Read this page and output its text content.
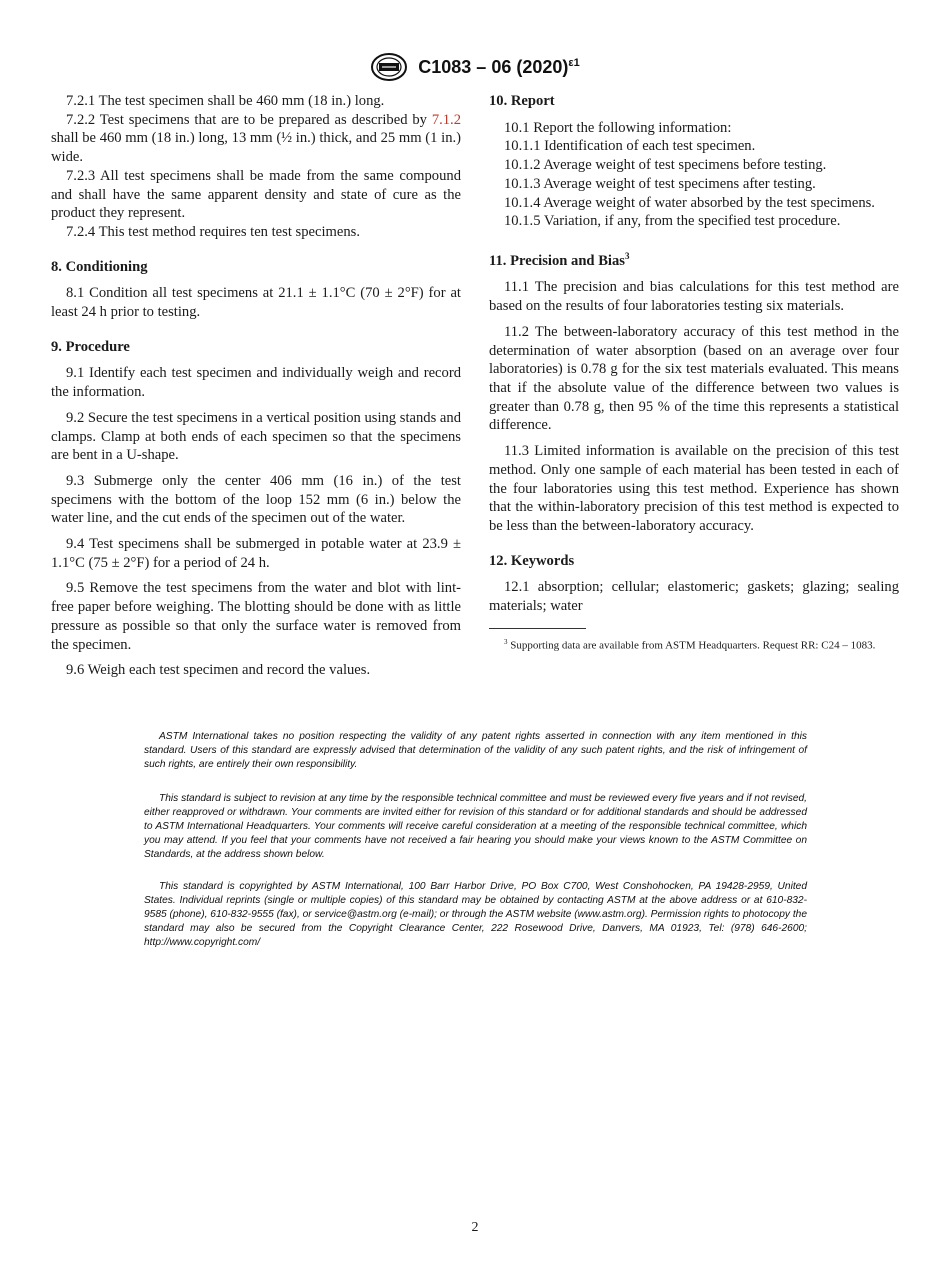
C1083 – 06 $(2020)^{\varepsilon 1}$

7.2.1 The test specimen shall be 460 mm (18 in.) long.

7.2.2 Test specimens that are to be prepared as described by 7.1.2 shall be 460 mm (18 in.) long, 13 mm (½ in.) thick, and 25 mm (1 in.) wide.

7.2.3 All test specimens shall be made from the same compound and shall have the same apparent density and state of cure as the product they represent.

7.2.4 This test method requires ten test specimens.

8. Conditioning

8.1 Condition all test specimens at 21.1 ± 1.1°C (70 ± 2°F) for at least 24 h prior to testing.

9. Procedure

9.1 Identify each test specimen and individually weigh and record the information.

9.2 Secure the test specimens in a vertical position using stands and clamps. Clamp at both ends of each specimen so that the specimens are bent in a U-shape.

9.3 Submerge only the center 406 mm (16 in.) of the test specimens with the bottom of the loop 152 mm (6 in.) below the water line, and the cut ends of the specimen out of the water.

9.4 Test specimens shall be submerged in potable water at 23.9 ± 1.1°C (75 ± 2°F) for a period of 24 h.

9.5 Remove the test specimens from the water and blot with lint-free paper before weighing. The blotting should be done with as little pressure as possible so that only the surface water is removed from the specimen.

9.6 Weigh each test specimen and record the values.

10. Report

10.1 Report the following information:

10.1.1 Identification of each test specimen.

10.1.2 Average weight of test specimens before testing.

10.1.3 Average weight of test specimens after testing.

10.1.4 Average weight of water absorbed by the test specimens.

10.1.5 Variation, if any, from the specified test procedure.

11. Precision and Bias$^3$

11.1 The precision and bias calculations for this test method are based on the results of four laboratories testing six materials.

11.2 The between-laboratory accuracy of this test method in the determination of water absorption (based on an average over four laboratories) is 0.78 g for the six test materials evaluated. This means that if the absolute value of the difference between two values is greater than 0.78 g, then 95 % of the time this represents a statistical difference.

11.3 Limited information is available on the precision of this test method. Only one sample of each material has been tested in each of the four laboratories using this test method. Experience has shown that the within-laboratory precision of this test method is expected to be less than the between-laboratory accuracy.

12. Keywords

12.1 absorption; cellular; elastomeric; gaskets; glazing; sealing materials; water

$^3$ Supporting data are available from ASTM Headquarters. Request RR: C24 – 1083.

ASTM International takes no position respecting the validity of any patent rights asserted in connection with any item mentioned in this standard. Users of this standard are expressly advised that determination of the validity of any such patent rights, and the risk of infringement of such rights, are entirely their own responsibility.

This standard is subject to revision at any time by the responsible technical committee and must be reviewed every five years and if not revised, either reapproved or withdrawn. Your comments are invited either for revision of this standard or for additional standards and should be addressed to ASTM International Headquarters. Your comments will receive careful consideration at a meeting of the responsible technical committee, which you may attend. If you feel that your comments have not received a fair hearing you should make your views known to the ASTM Committee on Standards, at the address shown below.

This standard is copyrighted by ASTM International, 100 Barr Harbor Drive, PO Box C700, West Conshohocken, PA 19428-2959, United States. Individual reprints (single or multiple copies) of this standard may be obtained by contacting ASTM at the above address or at 610-832-9585 (phone), 610-832-9555 (fax), or service@astm.org (e-mail); or through the ASTM website (www.astm.org). Permission rights to photocopy the standard may also be secured from the Copyright Clearance Center, 222 Rosewood Drive, Danvers, MA 01923, Tel: (978) 646-2600; http://www.copyright.com/

2
